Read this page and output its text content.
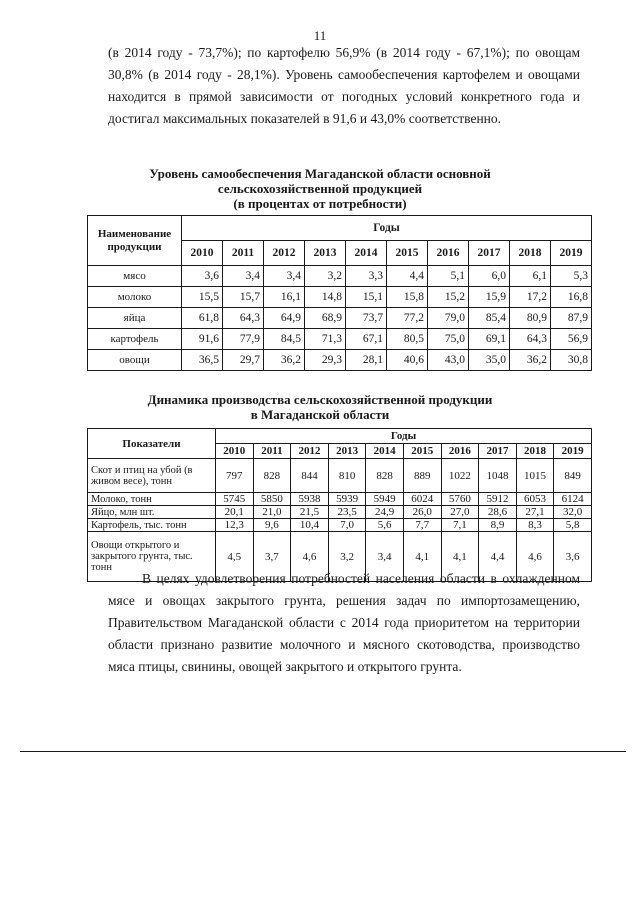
11
(в 2014 году - 73,7%); по картофелю 56,9% (в 2014 году - 67,1%); по овощам 30,8% (в 2014 году - 28,1%). Уровень самообеспечения картофелем и овощами находится в прямой зависимости от погодных условий конкретного года и достигал максимальных показателей в 91,6 и 43,0% соответственно.
Уровень самообеспечения Магаданской области основной
сельскохозяйственной продукцией
(в процентах от потребности)
Наименование продукции	Годы									
	2010	2011	2012	2013	2014	2015	2016	2017	2018	2019
мясо	3,6	3,4	3,4	3,2	3,3	4,4	5,1	6,0	6,1	5,3
молоко	15,5	15,7	16,1	14,8	15,1	15,8	15,2	15,9	17,2	16,8
яйца	61,8	64,3	64,9	68,9	73,7	77,2	79,0	85,4	80,9	87,9
картофель	91,6	77,9	84,5	71,3	67,1	80,5	75,0	69,1	64,3	56,9
овощи	36,5	29,7	36,2	29,3	28,1	40,6	43,0	35,0	36,2	30,8
Динамика производства сельскохозяйственной продукции
в Магаданской области
Показатели	Годы									
	2010	2011	2012	2013	2014	2015	2016	2017	2018	2019
Скот и птиц на убой (в живом весе), тонн	797	828	844	810	828	889	1022	1048	1015	849
Молоко, тонн	5745	5850	5938	5939	5949	6024	5760	5912	6053	6124
Яйцо, млн шт.	20,1	21,0	21,5	23,5	24,9	26,0	27,0	28,6	27,1	32,0
Картофель, тыс. тонн	12,3	9,6	10,4	7,0	5,6	7,7	7,1	8,9	8,3	5,8
Овощи открытого и закрытого грунта, тыс. тонн	4,5	3,7	4,6	3,2	3,4	4,1	4,1	4,4	4,6	3,6
В целях удовлетворения потребностей населения области в охлажденном мясе и овощах закрытого грунта, решения задач по импортозамещению, Правительством Магаданской области с 2014 года приоритетом на территории области признано развитие молочного и мясного скотоводства, производство мяса птицы, свинины, овощей закрытого и открытого грунта.
